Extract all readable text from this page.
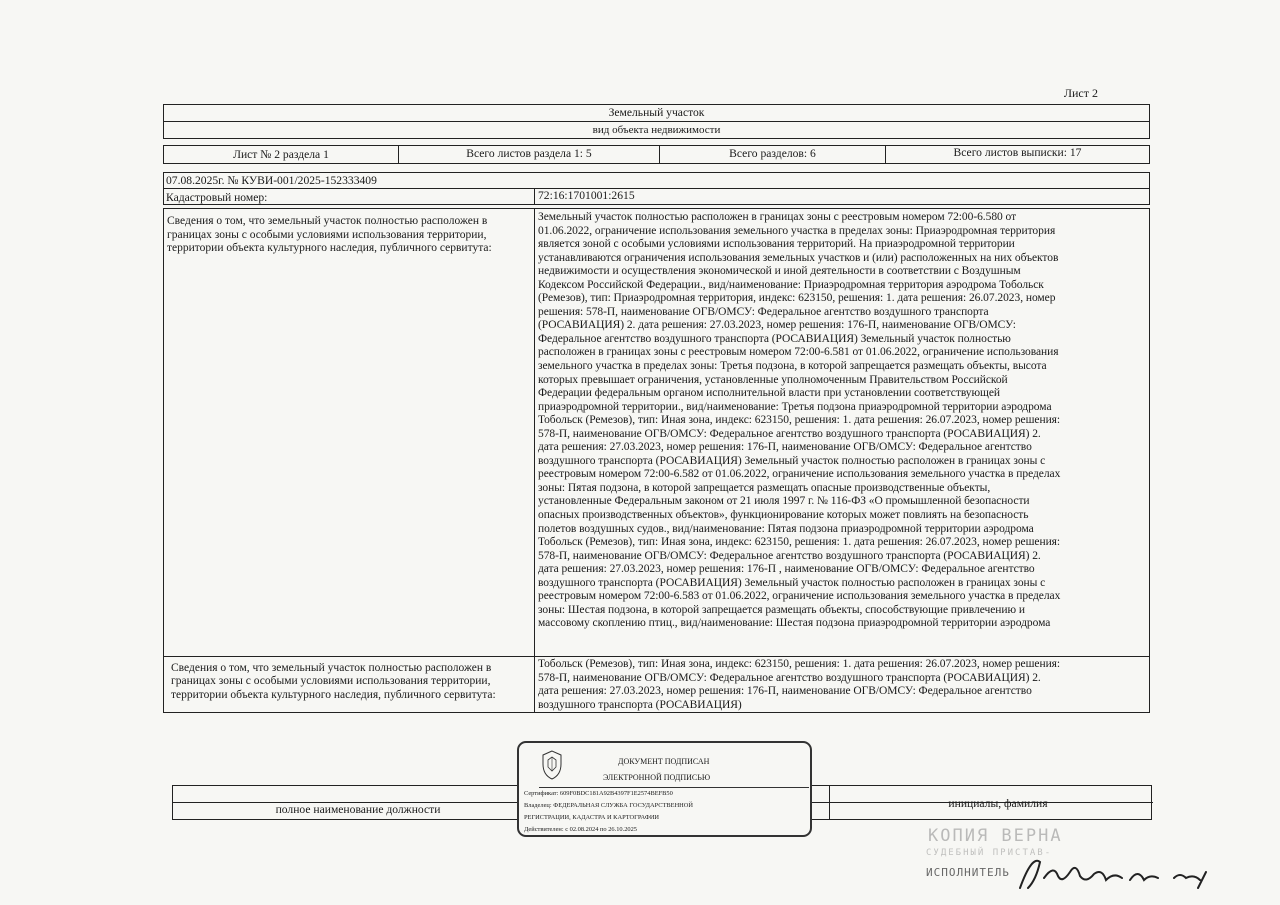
Лист 2
Земельный участок
вид объекта недвижимости
Лист № 2 раздела 1	Всего листов раздела 1: 5	Всего разделов: 6	Всего листов выписки: 17
07.08.2025г. № КУВИ-001/2025-152333409
Кадастровый номер:	72:16:1701001:2615
Сведения о том, что земельный участок полностью расположен в границах зоны с особыми условиями использования территории, территории объекта культурного наследия, публичного сервитута:
Земельный участок полностью расположен в границах зоны с реестровым номером 72:00-6.580 от
01.06.2022, ограничение использования земельного участка в пределах зоны: Приаэродромная территория
является зоной с особыми условиями использования территорий. На приаэродромной территории
устанавливаются ограничения использования земельных участков и (или) расположенных на них объектов
недвижимости и осуществления экономической и иной деятельности в соответствии с Воздушным
Кодексом Российской Федерации., вид/наименование: Приаэродромная территория аэродрома Тобольск
(Ремезов), тип: Приаэродромная территория, индекс: 623150, решения: 1. дата решения: 26.07.2023, номер
решения: 578-П, наименование ОГВ/ОМСУ: Федеральное агентство воздушного транспорта
(РОСАВИАЦИЯ) 2. дата решения: 27.03.2023, номер решения: 176-П, наименование ОГВ/ОМСУ:
Федеральное агентство воздушного транспорта (РОСАВИАЦИЯ) Земельный участок полностью
расположен в границах зоны с реестровым номером 72:00-6.581 от 01.06.2022, ограничение использования
земельного участка в пределах зоны: Третья подзона, в которой запрещается размещать объекты, высота
которых превышает ограничения, установленные уполномоченным Правительством Российской
Федерации федеральным органом исполнительной власти при установлении соответствующей
приаэродромной территории., вид/наименование: Третья подзона приаэродромной территории аэродрома
Тобольск (Ремезов), тип: Иная зона, индекс: 623150, решения: 1. дата решения: 26.07.2023, номер решения:
578-П, наименование ОГВ/ОМСУ: Федеральное агентство воздушного транспорта (РОСАВИАЦИЯ) 2.
дата решения: 27.03.2023, номер решения: 176-П, наименование ОГВ/ОМСУ: Федеральное агентство
воздушного транспорта (РОСАВИАЦИЯ) Земельный участок полностью расположен в границах зоны с
реестровым номером 72:00-6.582 от 01.06.2022, ограничение использования земельного участка в пределах
зоны: Пятая подзона, в которой запрещается размещать опасные производственные объекты,
установленные Федеральным законом от 21 июля 1997 г. № 116-ФЗ «О промышленной безопасности
опасных производственных объектов», функционирование которых может повлиять на безопасность
полетов воздушных судов., вид/наименование: Пятая подзона приаэродромной территории аэродрома
Тобольск (Ремезов), тип: Иная зона, индекс: 623150, решения: 1. дата решения: 26.07.2023, номер решения:
578-П, наименование ОГВ/ОМСУ: Федеральное агентство воздушного транспорта (РОСАВИАЦИЯ) 2.
дата решения: 27.03.2023, номер решения: 176-П , наименование ОГВ/ОМСУ: Федеральное агентство
воздушного транспорта (РОСАВИАЦИЯ) Земельный участок полностью расположен в границах зоны с
реестровым номером 72:00-6.583 от 01.06.2022, ограничение использования земельного участка в пределах
зоны: Шестая подзона, в которой запрещается размещать объекты, способствующие привлечению и
массовому скоплению птиц., вид/наименование: Шестая подзона приаэродромной территории аэродрома
Сведения о том, что земельный участок полностью расположен в границах зоны с особыми условиями использования территории, территории объекта культурного наследия, публичного сервитута:
Тобольск (Ремезов), тип: Иная зона, индекс: 623150, решения: 1. дата решения: 26.07.2023, номер решения:
578-П, наименование ОГВ/ОМСУ: Федеральное агентство воздушного транспорта (РОСАВИАЦИЯ) 2.
дата решения: 27.03.2023, номер решения: 176-П, наименование ОГВ/ОМСУ: Федеральное агентство
воздушного транспорта (РОСАВИАЦИЯ)
полное наименование должности	инициалы, фамилия
ДОКУМЕНТ ПОДПИСАН
ЭЛЕКТРОННОЙ ПОДПИСЬЮ
Сертификат: 609F0BDC181A92B4397F1E2574BEFB50
Владелец: ФЕДЕРАЛЬНАЯ СЛУЖБА ГОСУДАРСТВЕННОЙ
РЕГИСТРАЦИИ, КАДАСТРА И КАРТОГРАФИИ
Действителен: с 02.08.2024 по 26.10.2025	КОПИЯ ВЕРНА
СУДЕБНЫЙ ПРИСТАВ-
ИСПОЛНИТЕЛЬ
